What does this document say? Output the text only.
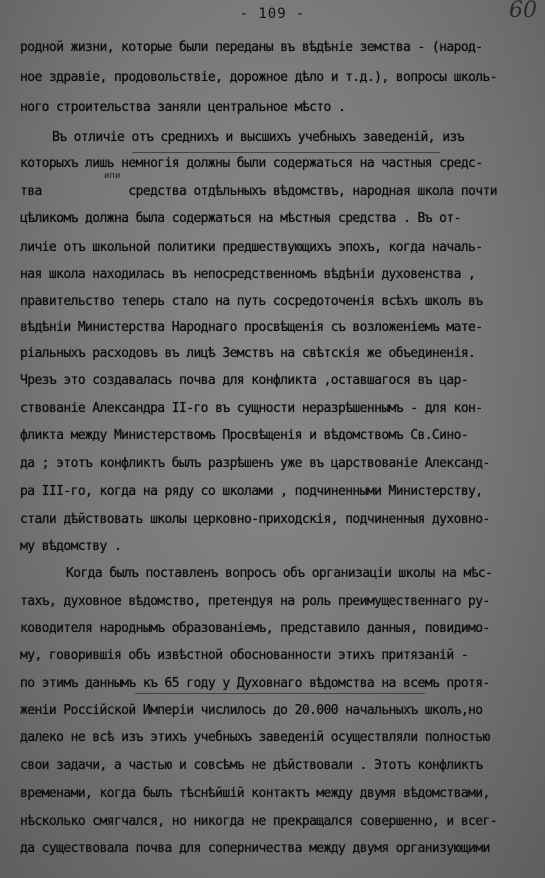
- 109 -	60
родной жизни, которые были переданы въ вѣдѣніе земства - (народ-
ное здравіе, продовольствіе, дорожное дѣло и т.д.), вопросы школь-
ного строительства заняли центральное мѣсто .
Въ отличіе отъ среднихъ и высшихъ учебныхъ заведеній, изъ
которыхъ лишь немногія должны были содержаться на частныя средс-
или
тва            средства отдѣльныхъ вѣдомствъ, народная школа почти
цѣликомъ должна была содержаться на мѣстныя средства . Въ от-
личіе отъ школьной политики предшествующихъ эпохъ, когда началь-
ная школа находилась въ непосредственномъ вѣдѣніи духовенства ,
правительство теперь стало на путь сосредоточенія всѣхъ школъ въ
вѣдѣніи Министерства Народнаго просвѣщенія съ возложеніемъ мате-
ріальныхъ расходовъ въ лицѣ Земствъ на свѣтскія же объединенія.
Чрезъ это создавалась почва для конфликта ,оставшагося въ цар-
ствованіе Александра II-го въ сущности неразрѣшеннымъ - для кон-
фликта между Министерствомъ Просвѣщенія и вѣдомствомъ Св.Сино-
да ; этотъ конфликтъ былъ разрѣшенъ уже въ царствованіе Александ-
ра III-го, когда на ряду со школами , подчиненными Министерству,
стали дѣйствовать школы церковно-приходскія, подчиненныя духовно-
му вѣдомству .
Когда былъ поставленъ вопросъ объ организаціи школы на мѣс-
тахъ, духовное вѣдомство, претендуя на роль преимущественнаго ру-
ководителя народнымъ образованіемъ, представило данныя, повидимо-
му, говорившія объ извѣстной обоснованности этихъ притязаній -
по этимъ даннымъ къ 65 году у Духовнаго вѣдомства на всемъ протя-
женіи Россійской Имперіи числилось до 20.000 начальныхъ школъ,но
далеко не всѣ изъ этихъ учебныхъ заведеній осуществляли полностью
свои задачи, а частью и совсѣмъ не дѣйствовали . Этотъ конфликтъ
временами, когда былъ тѣснѣйшій контактъ между двумя вѣдомствами,
нѣсколько смягчался, но никогда не прекращался совершенно, и всег-
да существовала почва для соперничества между двумя организующими
